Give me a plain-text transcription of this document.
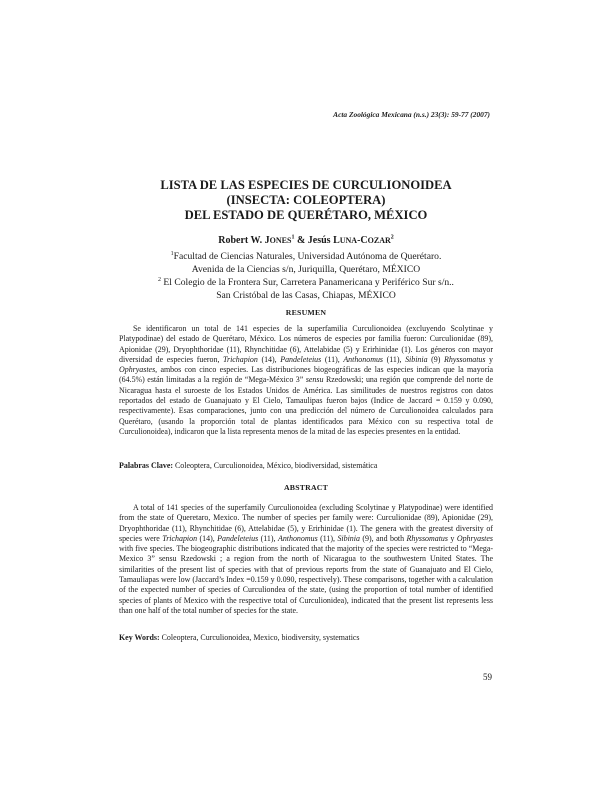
Acta Zoológica Mexicana (n.s.) 23(3): 59-77 (2007)
LISTA DE LAS ESPECIES DE CURCULIONOIDEA
(INSECTA: COLEOPTERA)
DEL ESTADO DE QUERÉTARO, MÉXICO
Robert W. JONES$^1$ & Jesús LUNA-COZAR$^2$
$^1$Facultad de Ciencias Naturales, Universidad Autónoma de Querétaro.
Avenida de la Ciencias s/n, Juriquilla, Querétaro, MÉXICO
$^2$ El Colegio de la Frontera Sur, Carretera Panamericana y Periférico Sur s/n..
San Cristóbal de las Casas, Chiapas, MÉXICO
RESUMEN
Se identificaron un total de 141 especies de la superfamilia Curculionoidea (excluyendo Scolytinae y Platypodinae) del estado de Querétaro, México. Los números de especies por familia fueron: Curculionidae (89), Apionidae (29), Dryophthoridae (11), Rhynchitidae (6), Attelabidae (5) y Erirhinidae (1). Los géneros con mayor diversidad de especies fueron, Trichapion (14), Pandeleteius (11), Anthonomus (11), Sibinia (9) Rhyssomatus y Ophryastes, ambos con cinco especies. Las distribuciones biogeográficas de las especies indican que la mayoría (64.5%) están limitadas a la región de “Mega-México 3” sensu Rzedowski; una región que comprende del norte de Nicaragua hasta el suroeste de los Estados Unidos de América. Las similitudes de nuestros registros con datos reportados del estado de Guanajuato y El Cielo, Tamaulipas fueron bajos (Indice de Jaccard = 0.159 y 0.090, respectivamente). Esas comparaciones, junto con una predicción del número de Curculionoidea calculados para Querétaro, (usando la proporción total de plantas identificados para México con su respectiva total de Curculionoidea), indicaron que la lista representa menos de la mitad de las especies presentes en la entidad.
Palabras Clave: Coleoptera, Curculionoidea, México, biodiversidad, sistemática
ABSTRACT
A total of 141 species of the superfamily Curculionoidea (excluding Scolytinae y Platypodinae) were identified from the state of Queretaro, Mexico. The number of species per family were: Curculionidae (89), Apionidae (29), Dryophthoridae (11), Rhynchitidae (6), Attelabidae (5), y Erirhinidae (1). The genera with the greatest diversity of species were Trichapion (14), Pandeleteius (11), Anthonomus (11), Sibinia (9), and both Rhyssomatus y Ophryastes with five species. The biogeographic distributions indicated that the majority of the species were restricted to “Mega-Mexico 3” sensu Rzedowski ; a region from the north of Nicaragua to the southwestern United States. The similarities of the present list of species with that of previous reports from the state of Guanajuato and El Cielo, Tamauliapas were low (Jaccard’s Index =0.159 y 0.090, respectively). These comparisons, together with a calculation of the expected number of species of Curculiondea of the state, (using the proportion of total number of identified species of plants of Mexico with the respective total of Curculionidea), indicated that the present list represents less than one half of the total number of species for the state.
Key Words: Coleoptera, Curculionoidea, Mexico, biodiversity, systematics
59
